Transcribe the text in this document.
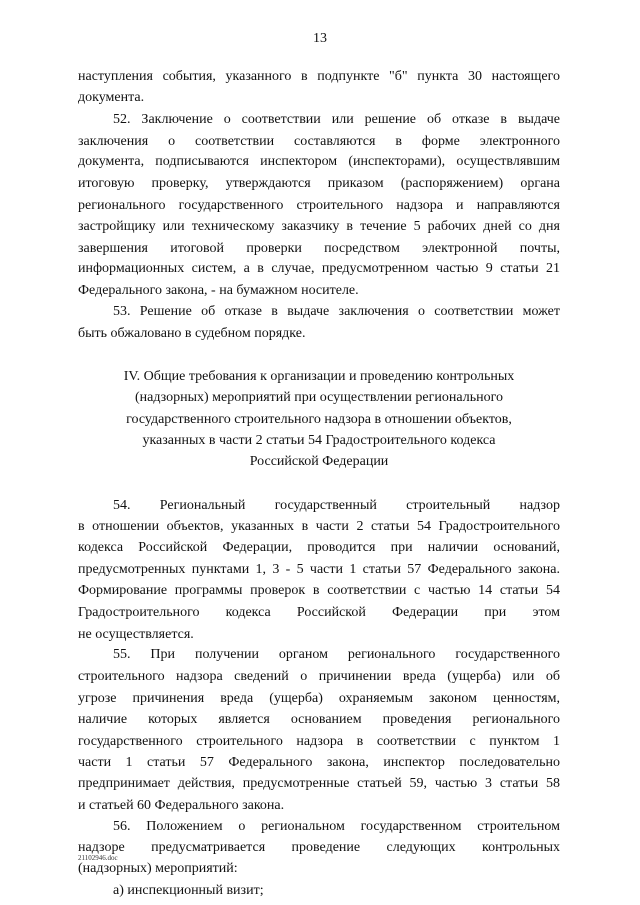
13
наступления события, указанного в подпункте "б" пункта 30 настоящего
документа.
52. Заключение о соответствии или решение об отказе в выдаче
заключения о соответствии составляются в форме электронного
документа, подписываются инспектором (инспекторами), осуществлявшим
итоговую проверку, утверждаются приказом (распоряжением) органа
регионального государственного строительного надзора и направляются
застройщику или техническому заказчику в течение 5 рабочих дней со дня
завершения итоговой проверки посредством электронной почты,
информационных систем, а в случае, предусмотренном частью 9 статьи 21
Федерального закона, - на бумажном носителе.
53. Решение об отказе в выдаче заключения о соответствии может
быть обжаловано в судебном порядке.
IV. Общие требования к организации и проведению контрольных
(надзорных) мероприятий при осуществлении регионального
государственного строительного надзора в отношении объектов,
указанных в части 2 статьи 54 Градостроительного кодекса
Российской Федерации
54. Региональный государственный строительный надзор
в отношении объектов, указанных в части 2 статьи 54 Градостроительного
кодекса Российской Федерации, проводится при наличии оснований,
предусмотренных пунктами 1, 3 - 5 части 1 статьи 57 Федерального закона.
Формирование программы проверок в соответствии с частью 14 статьи 54
Градостроительного кодекса Российской Федерации при этом
не осуществляется.
55. При получении органом регионального государственного
строительного надзора сведений о причинении вреда (ущерба) или об
угрозе причинения вреда (ущерба) охраняемым законом ценностям,
наличие которых является основанием проведения регионального
государственного строительного надзора в соответствии с пунктом 1
части 1 статьи 57 Федерального закона, инспектор последовательно
предпринимает действия, предусмотренные статьей 59, частью 3 статьи 58
и статьей 60 Федерального закона.
56. Положением о региональном государственном строительном
надзоре предусматривается проведение следующих контрольных
(надзорных) мероприятий:
а) инспекционный визит;
21102946.doc
